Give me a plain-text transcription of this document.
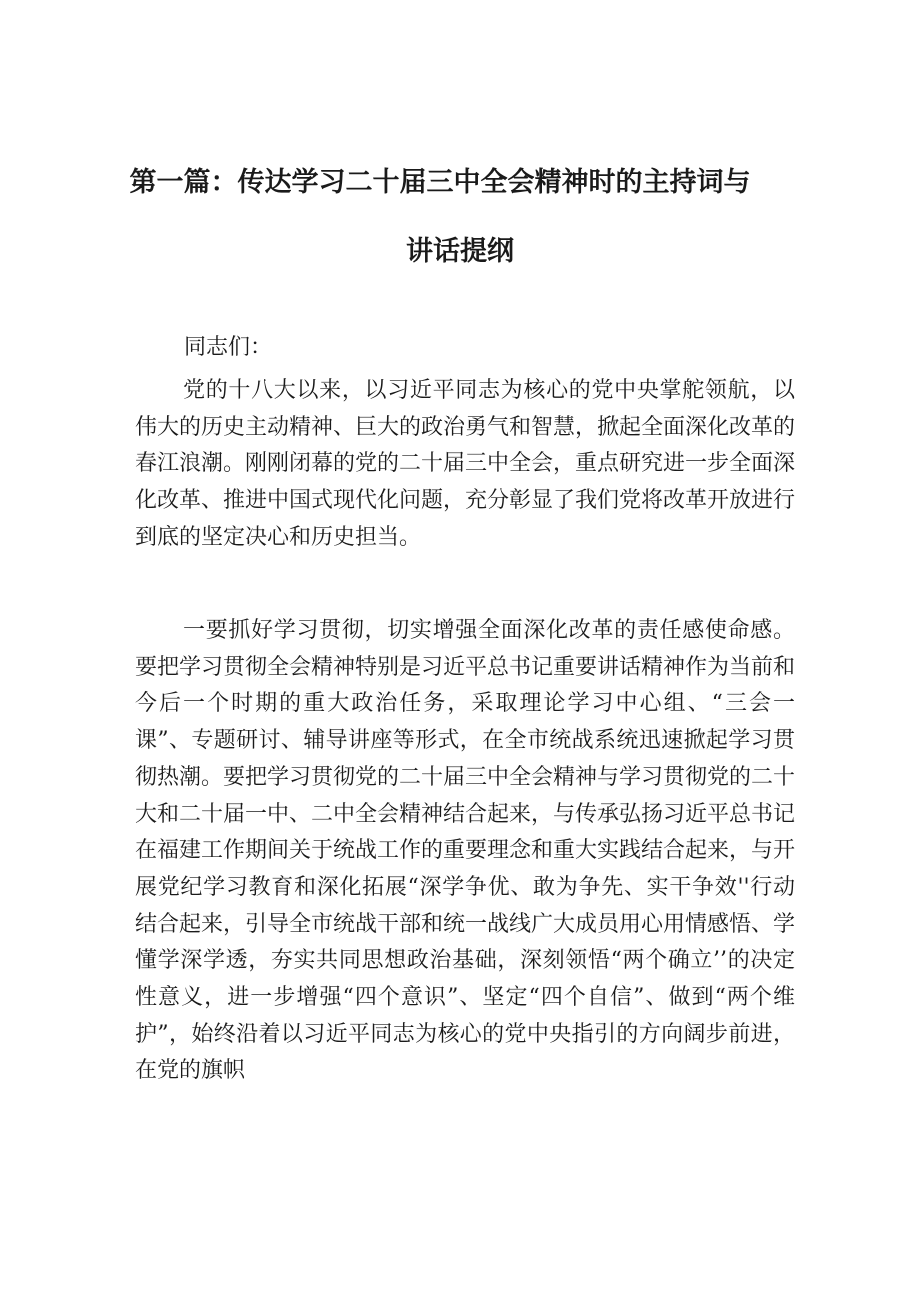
第一篇：传达学习二十届三中全会精神时的主持词与
讲话提纲
同志们：

党的十八大以来，以习近平同志为核心的党中央掌舵领航，以伟大的历史主动精神、巨大的政治勇气和智慧，掀起全面深化改革的春江浪潮。刚刚闭幕的党的二十届三中全会，重点研究进一步全面深化改革、推进中国式现代化问题，充分彰显了我们党将改革开放进行到底的坚定决心和历史担当。

一要抓好学习贯彻，切实增强全面深化改革的责任感使命感。要把学习贯彻全会精神特别是习近平总书记重要讲话精神作为当前和今后一个时期的重大政治任务，采取理论学习中心组、“三会一课”、专题研讨、辅导讲座等形式，在全市统战系统迅速掀起学习贯彻热潮。要把学习贯彻党的二十届三中全会精神与学习贯彻党的二十大和二十届一中、二中全会精神结合起来，与传承弘扬习近平总书记在福建工作期间关于统战工作的重要理念和重大实践结合起来，与开展党纪学习教育和深化拓展“深学争优、敢为争先、实干争效''行动结合起来，引导全市统战干部和统一战线广大成员用心用情感悟、学懂学深学透，夯实共同思想政治基础，深刻领悟“两个确立’’的决定性意义，进一步增强“四个意识”、坚定“四个自信”、做到“两个维护”，始终沿着以习近平同志为核心的党中央指引的方向阔步前进，在党的旗帜
